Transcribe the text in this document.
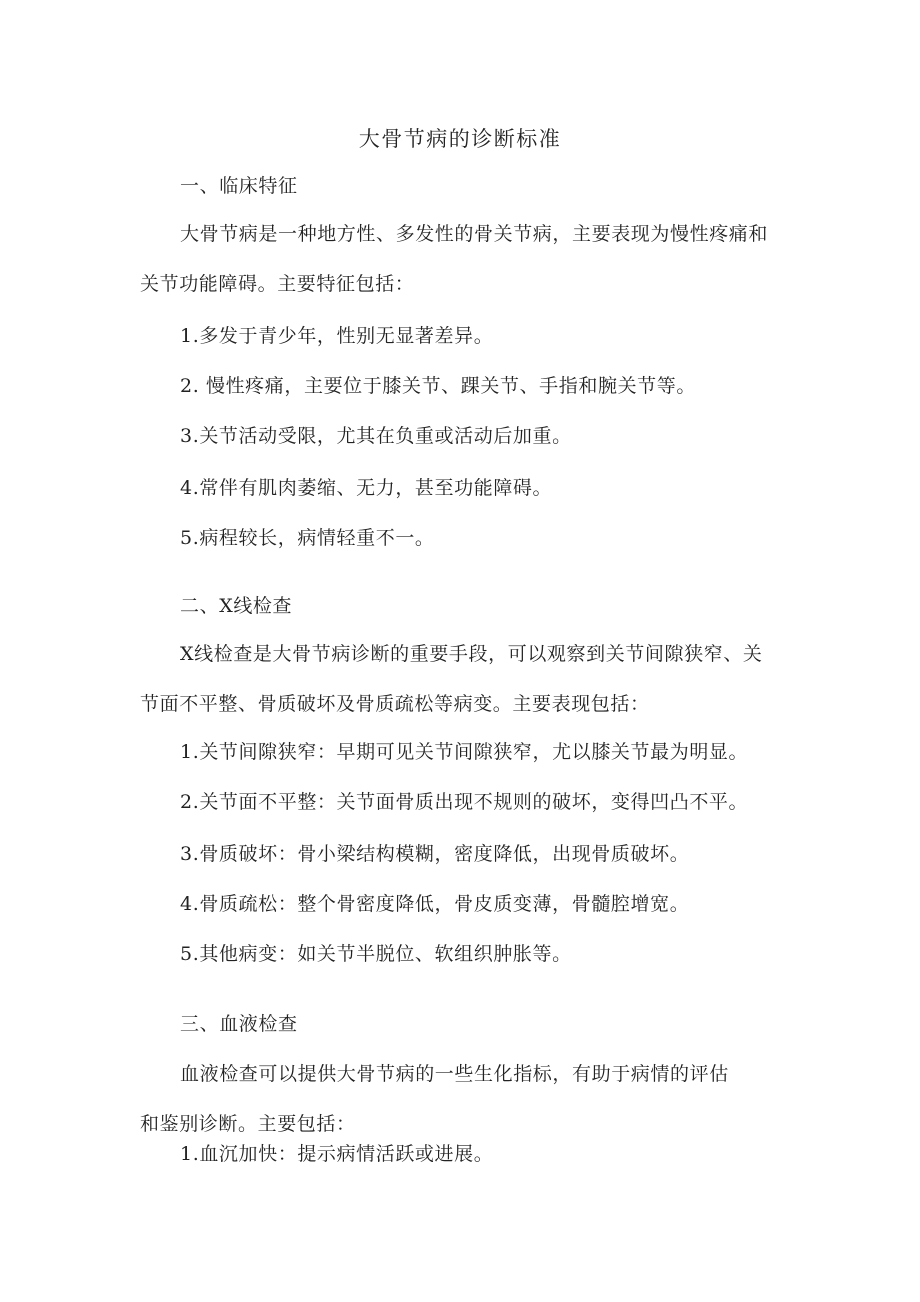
大骨节病的诊断标准
一、临床特征
大骨节病是一种地方性、多发性的骨关节病，主要表现为慢性疼痛和
关节功能障碍。主要特征包括：
1.多发于青少年，性别无显著差异。
2. 慢性疼痛，主要位于膝关节、踝关节、手指和腕关节等。
3.关节活动受限，尤其在负重或活动后加重。
4.常伴有肌肉萎缩、无力，甚至功能障碍。
5.病程较长，病情轻重不一。
二、X线检查
X线检查是大骨节病诊断的重要手段，可以观察到关节间隙狭窄、关
节面不平整、骨质破坏及骨质疏松等病变。主要表现包括：
1.关节间隙狭窄：早期可见关节间隙狭窄，尤以膝关节最为明显。
2.关节面不平整：关节面骨质出现不规则的破坏，变得凹凸不平。
3.骨质破坏：骨小梁结构模糊，密度降低，出现骨质破坏。
4.骨质疏松：整个骨密度降低，骨皮质变薄，骨髓腔增宽。
5.其他病变：如关节半脱位、软组织肿胀等。
三、血液检查
血液检查可以提供大骨节病的一些生化指标，有助于病情的评估
和鉴别诊断。主要包括：
1.血沉加快：提示病情活跃或进展。
